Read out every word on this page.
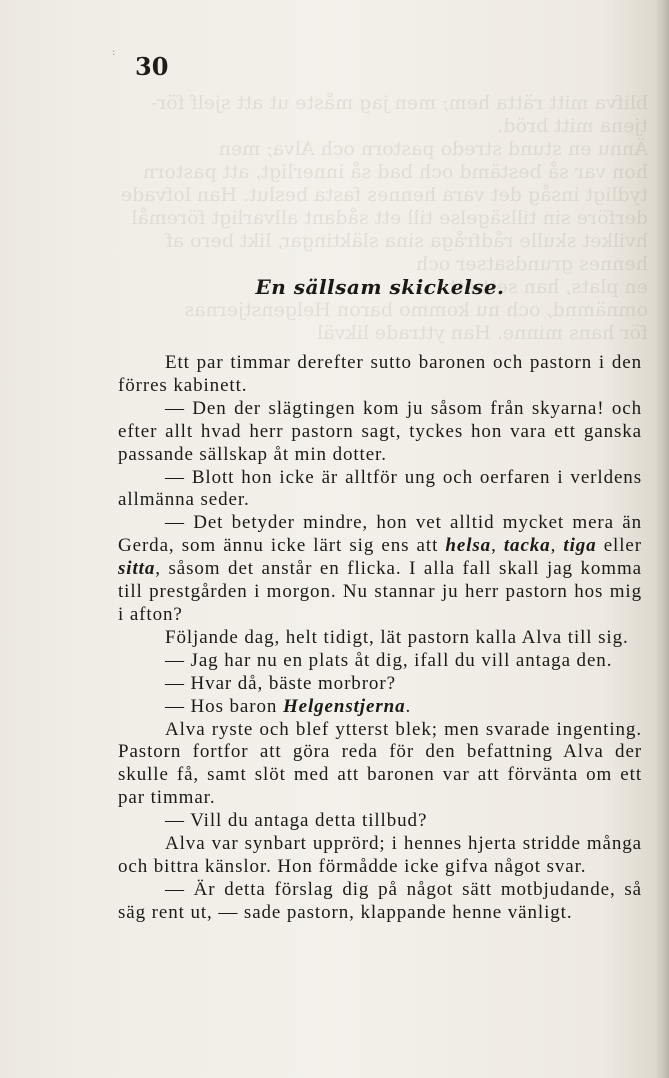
blifva mitt rätta hem; men jag måste ut att sjelf för-
tjena mitt bröd.
Ännu en stund stredo pastorn och Alva; men
hon var så bestämd och bad så innerligt, att pastorn
tydligt insåg det vara hennes fasta beslut. Han lofvade
derföre sin tillsägelse till ett sådant allvarligt föremål
hvilket skulle rådfråga sina släktingar, likt bero af
hennes grundsatser och
en plats, han sett ett
omnämnd, och nu kommo baron Helgenstjernas
för hans minne. Han yttrade likväl
: 30
En sällsam skickelse.

Ett par timmar derefter sutto baronen och pastorn i den förres kabinett.

— Den der slägtingen kom ju såsom från skyarna! och efter allt hvad herr pastorn sagt, tyckes hon vara ett ganska passande sällskap åt min dotter.

— Blott hon icke är alltför ung och oerfaren i verldens allmänna seder.

— Det betyder mindre, hon vet alltid mycket mera än Gerda, som ännu icke lärt sig ens att helsa, tacka, tiga eller sitta, såsom det anstår en flicka. I alla fall skall jag komma till prestgården i morgon. Nu stannar ju herr pastorn hos mig i afton?

Följande dag, helt tidigt, lät pastorn kalla Alva till sig.

— Jag har nu en plats åt dig, ifall du vill antaga den.

— Hvar då, bäste morbror?

— Hos baron Helgenstjerna.

Alva ryste och blef ytterst blek; men svarade ingenting. Pastorn fortfor att göra reda för den befattning Alva der skulle få, samt slöt med att baronen var att förvänta om ett par timmar.

— Vill du antaga detta tillbud?

Alva var synbart upprörd; i hennes hjerta stridde många och bittra känslor. Hon förmådde icke gifva något svar.

— Är detta förslag dig på något sätt motbjudande, så säg rent ut, — sade pastorn, klappande henne vänligt.
